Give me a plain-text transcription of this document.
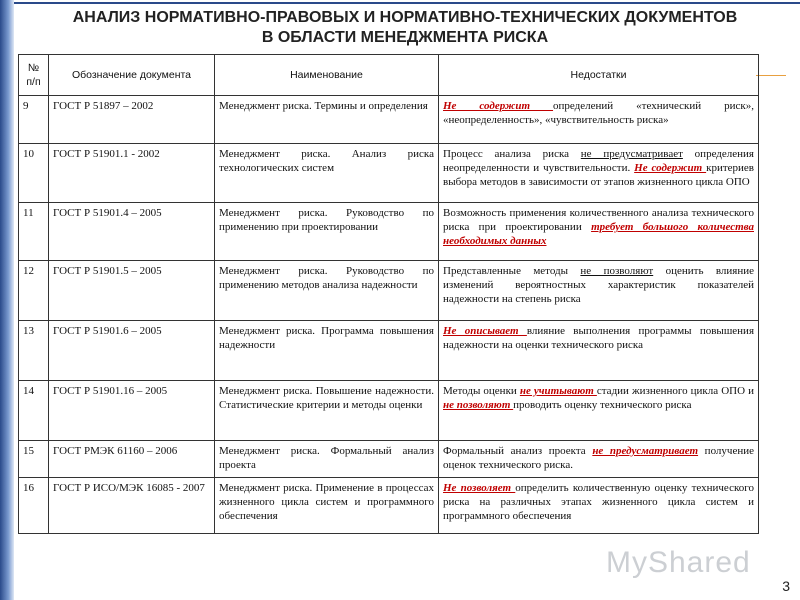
АНАЛИЗ НОРМАТИВНО-ПРАВОВЫХ И НОРМАТИВНО-ТЕХНИЧЕСКИХ ДОКУМЕНТОВ
В ОБЛАСТИ МЕНЕДЖМЕНТА РИСКА
№ п/п	Обозначение документа	Наименование	Недостатки
9	ГОСТ Р 51897 – 2002	Менеджмент риска. Термины и определения	Не содержит определений «технический риск», «неопределенность», «чувствительность риска»
10	ГОСТ Р 51901.1 - 2002	Менеджмент риска. Анализ риска технологических систем	Процесс анализа риска не предусматривает определения неопределенности и чувствительности. Не содержит критериев выбора методов в зависимости от этапов жизненного цикла ОПО
11	ГОСТ Р 51901.4 – 2005	Менеджмент риска. Руководство по применению при проектировании	Возможность применения количественного анализа технического риска при проектировании требует большого количества необходимых данных
12	ГОСТ Р 51901.5 – 2005	Менеджмент риска. Руководство по применению методов анализа надежности	Представленные методы не позволяют оценить влияние изменений вероятностных характеристик показателей надежности на степень риска
13	ГОСТ Р 51901.6 – 2005	Менеджмент риска. Программа повышения надежности	Не описывает влияние выполнения программы повышения надежности на оценки технического риска
14	ГОСТ Р 51901.16 – 2005	Менеджмент риска. Повышение надежности. Статистические критерии и методы оценки	Методы оценки не учитывают стадии жизненного цикла ОПО и не позволяют проводить оценку технического риска
15	ГОСТ РМЭК 61160 – 2006	Менеджмент риска. Формальный анализ проекта	Формальный анализ проекта не предусматривает получение оценок технического риска.
16	ГОСТ Р ИСО/МЭК 16085 - 2007	Менеджмент риска. Применение в процессах жизненного цикла систем и программного обеспечения	Не позволяет определить количественную оценку технического риска на различных этапах жизненного цикла систем и программного обеспечения
MyShared
3
